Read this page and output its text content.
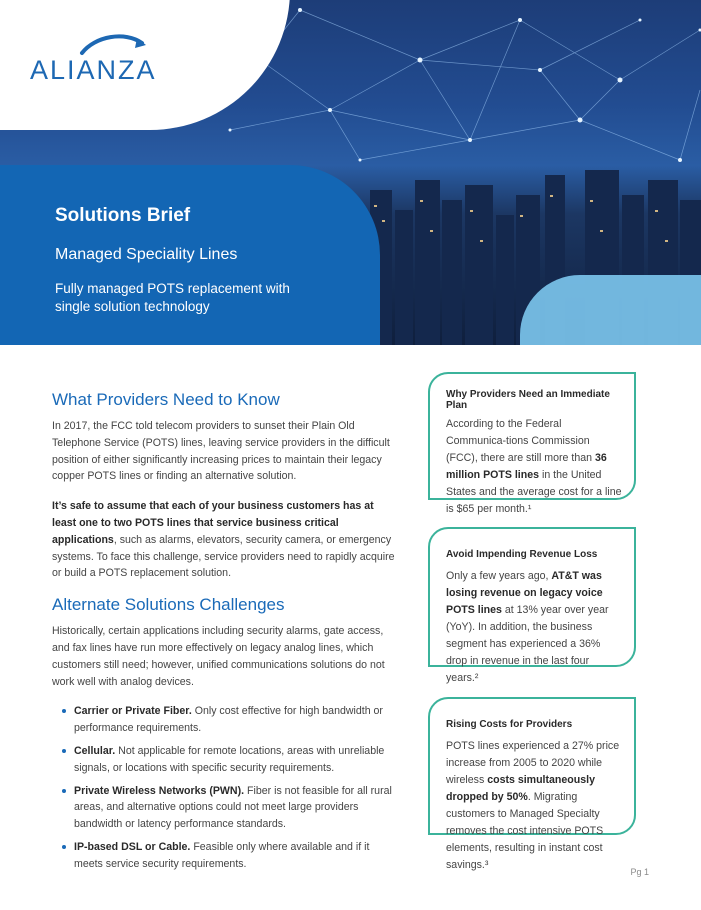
ALIANZA
Solutions Brief
Managed Speciality Lines
Fully managed POTS replacement with single solution technology
What Providers Need to Know

In 2017, the FCC told telecom providers to sunset their Plain Old Telephone Service (POTS) lines, leaving service providers in the difficult position of either significantly increasing prices to maintain their legacy copper POTS lines or finding an alternative solution.

It’s safe to assume that each of your business customers has at least one to two POTS lines that service business critical applications, such as alarms, elevators, security camera, or emergency systems. To face this challenge, service providers need to rapidly acquire or build a POTS replacement solution.

Alternate Solutions Challenges

Historically, certain applications including security alarms, gate access, and fax lines have run more effectively on legacy analog lines, which customers still need; however, unified communications solutions do not work well with analog devices.

Carrier or Private Fiber. Only cost effective for high bandwidth or performance requirements.
Cellular. Not applicable for remote locations, areas with unreliable signals, or locations with specific security requirements.
Private Wireless Networks (PWN). Fiber is not feasible for all rural areas, and alternative options could not meet large providers bandwidth or latency performance standards.
IP-based DSL or Cable. Feasible only where available and if it meets service security requirements.
Why Providers Need an Immediate Plan
According to the Federal Communica-tions Commission (FCC), there are still more than 36 million POTS lines in the United States and the average cost for a line is $65 per month.¹
Avoid Impending Revenue Loss
Only a few years ago, AT&T was losing revenue on legacy voice POTS lines at 13% year over year (YoY). In addition, the business segment has experienced a 36% drop in revenue in the last four years.²
Rising Costs for Providers
POTS lines experienced a 27% price increase from 2005 to 2020 while wireless costs simultaneously dropped by 50%. Migrating customers to Managed Specialty removes the cost intensive POTS elements, resulting in instant cost savings.³
Pg 1
